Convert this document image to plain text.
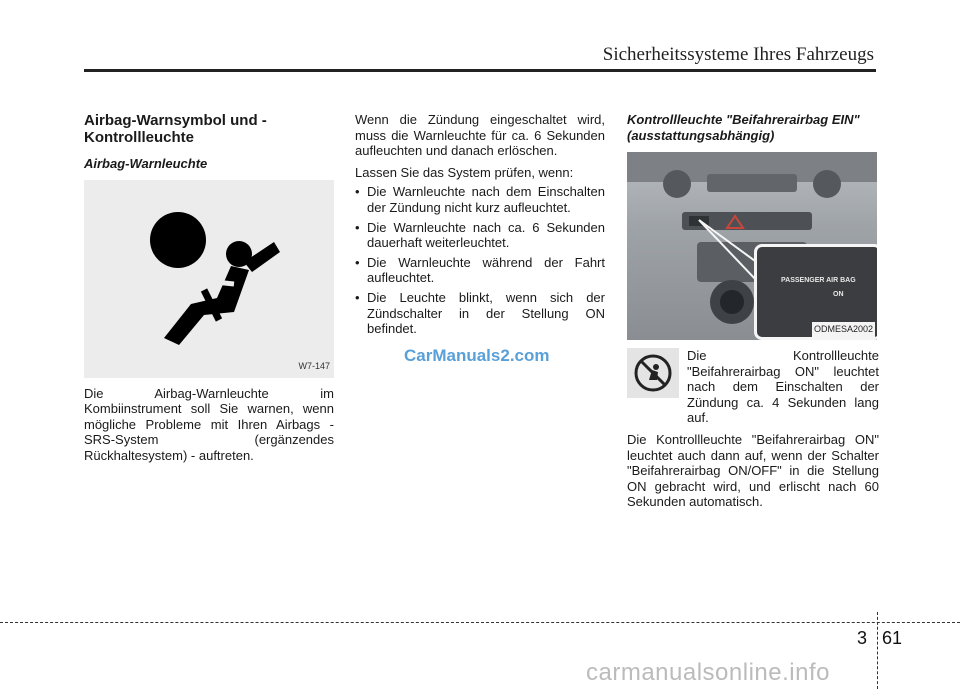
Sicherheitssysteme Ihres Fahrzeugs
Airbag-Warnsymbol und -Kontrollleuchte
Airbag-Warnleuchte
W7-147

Die Airbag-Warnleuchte im Kombiinstrument soll Sie warnen, wenn mögliche Probleme mit Ihren Airbags - SRS-System (ergänzendes Rückhaltesystem) - auftreten.

Wenn die Zündung eingeschaltet wird, muss die Warnleuchte für ca. 6 Sekunden aufleuchten und danach erlöschen.

Lassen Sie das System prüfen, wenn:

• Die Warnleuchte nach dem Einschalten der Zündung nicht kurz aufleuchtet.
• Die Warnleuchte nach ca. 6 Sekunden dauerhaft weiterleuchtet.
• Die Warnleuchte während der Fahrt aufleuchtet.
• Die Leuchte blinkt, wenn sich der Zündschalter in der Stellung ON befindet.
CarManuals2.com
Kontrollleuchte "Beifahrerairbag EIN" (ausstattungsabhängig)
PASSENGER AIR BAG
ON
ODMESA2002

Die Kontrollleuchte "Beifahrerairbag ON" leuchtet nach dem Einschalten der Zündung ca. 4 Sekunden lang auf.

Die Kontrollleuchte "Beifahrerairbag ON" leuchtet auch dann auf, wenn der Schalter "Beifahrerairbag ON/OFF" in die Stellung ON gebracht wird, und erlischt nach 60 Sekunden automatisch.

3 61
carmanualsonline.info
